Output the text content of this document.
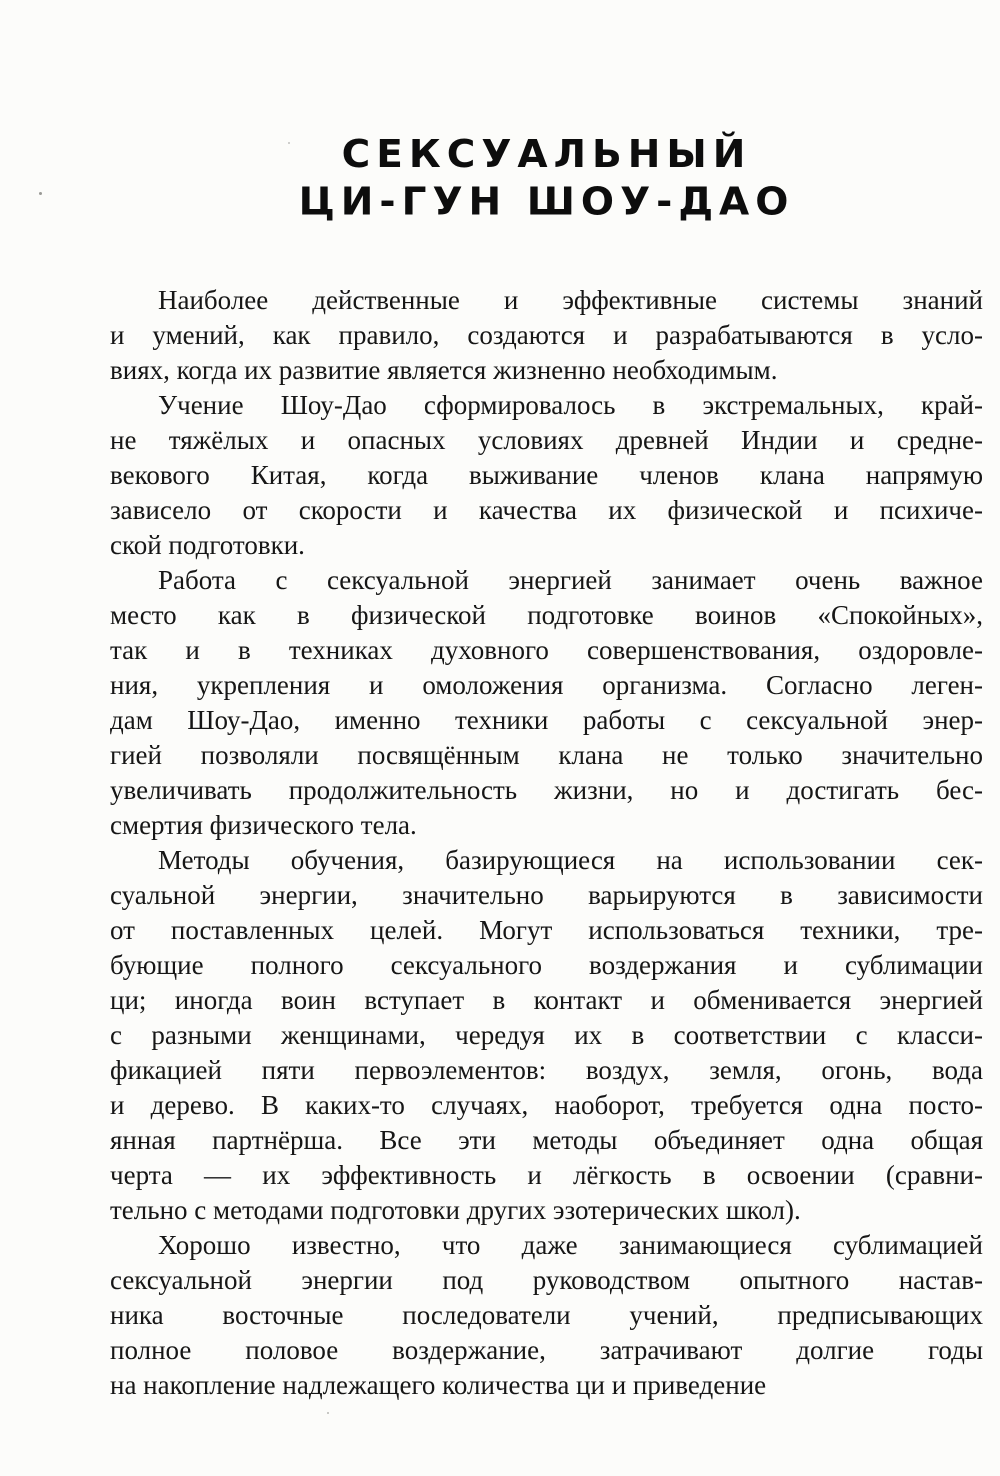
СЕКСУАЛЬНЫЙ
ЦИ-ГУН ШОУ-ДАО
Наиболее действенные и эффективные системы знаний
и умений, как правило, создаются и разрабатываются в усло-
виях, когда их развитие является жизненно необходимым.
Учение Шоу-Дао сформировалось в экстремальных, край-
не тяжёлых и опасных условиях древней Индии и средне-
векового Китая, когда выживание членов клана напрямую
зависело от скорости и качества их физической и психиче-
ской подготовки.
Работа с сексуальной энергией занимает очень важное
место как в физической подготовке воинов «Спокойных»,
так и в техниках духовного совершенствования, оздоровле-
ния, укрепления и омоложения организма. Согласно леген-
дам Шоу-Дао, именно техники работы с сексуальной энер-
гией позволяли посвящённым клана не только значительно
увеличивать продолжительность жизни, но и достигать бес-
смертия физического тела.
Методы обучения, базирующиеся на использовании сек-
суальной энергии, значительно варьируются в зависимости
от поставленных целей. Могут использоваться техники, тре-
бующие полного сексуального воздержания и сублимации
ци; иногда воин вступает в контакт и обменивается энергией
с разными женщинами, чередуя их в соответствии с класси-
фикацией пяти первоэлементов: воздух, земля, огонь, вода
и дерево. В каких-то случаях, наоборот, требуется одна посто-
янная партнёрша. Все эти методы объединяет одна общая
черта — их эффективность и лёгкость в освоении (сравни-
тельно с методами подготовки других эзотерических школ).
Хорошо известно, что даже занимающиеся сублимацией
сексуальной энергии под руководством опытного настав-
ника восточные последователи учений, предписывающих
полное половое воздержание, затрачивают долгие годы
на накопление надлежащего количества ци и приведение
